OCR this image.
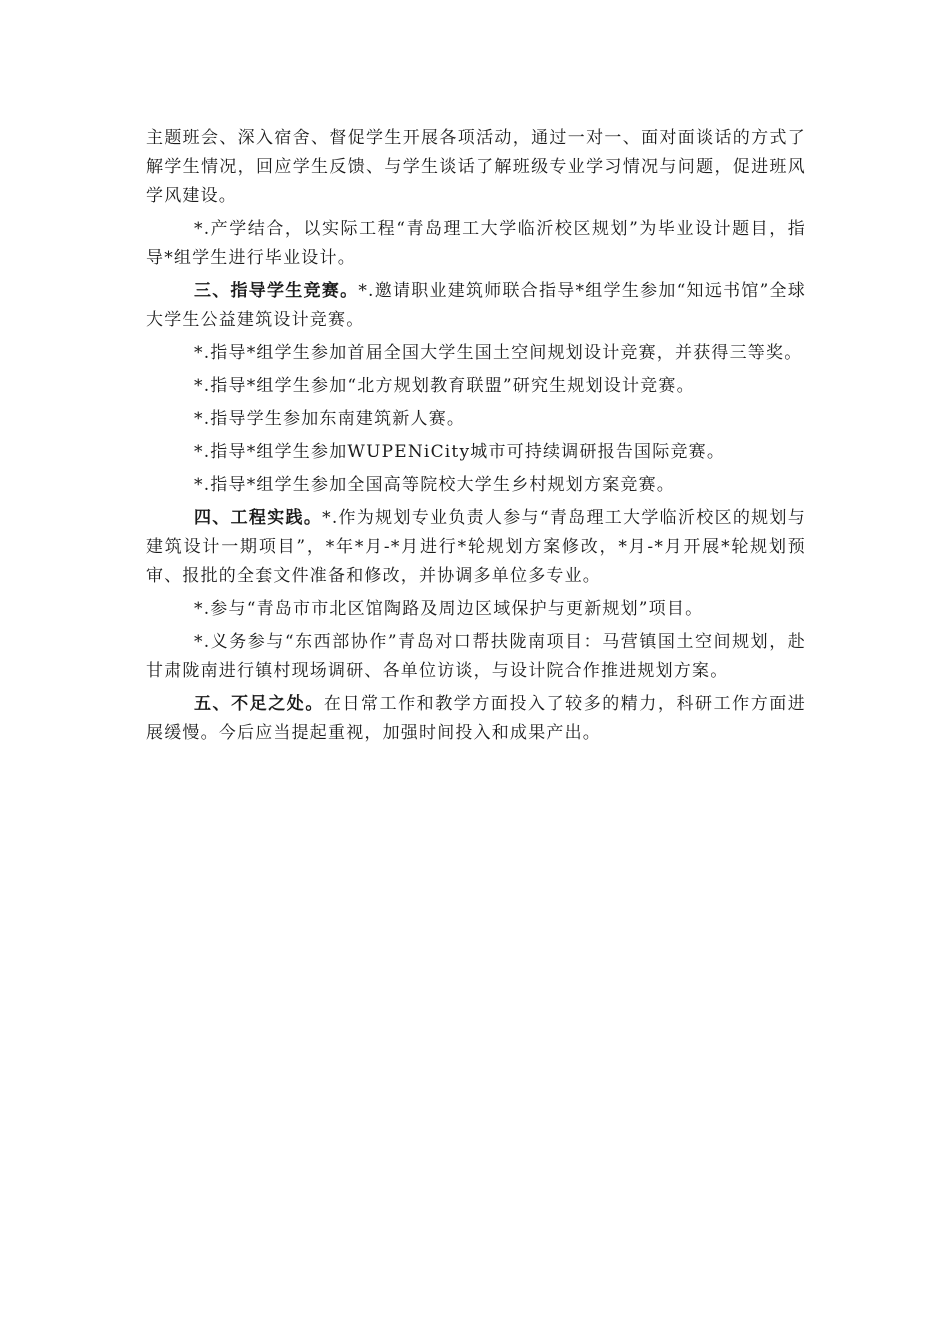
主题班会、深入宿舍、督促学生开展各项活动，通过一对一、面对面谈话的方式了解学生情况，回应学生反馈、与学生谈话了解班级专业学习情况与问题，促进班风学风建设。

*.产学结合，以实际工程“青岛理工大学临沂校区规划”为毕业设计题目，指导*组学生进行毕业设计。

三、指导学生竞赛。*.邀请职业建筑师联合指导*组学生参加“知远书馆”全球大学生公益建筑设计竞赛。

*.指导*组学生参加首届全国大学生国土空间规划设计竞赛，并获得三等奖。

*.指导*组学生参加“北方规划教育联盟”研究生规划设计竞赛。

*.指导学生参加东南建筑新人赛。

*.指导*组学生参加WUPENiCity城市可持续调研报告国际竞赛。

*.指导*组学生参加全国高等院校大学生乡村规划方案竞赛。

四、工程实践。*.作为规划专业负责人参与“青岛理工大学临沂校区的规划与建筑设计一期项目”，*年*月-*月进行*轮规划方案修改，*月-*月开展*轮规划预审、报批的全套文件准备和修改，并协调多单位多专业。

*.参与“青岛市市北区馆陶路及周边区域保护与更新规划”项目。

*.义务参与“东西部协作”青岛对口帮扶陇南项目：马营镇国土空间规划，赴甘肃陇南进行镇村现场调研、各单位访谈，与设计院合作推进规划方案。

五、不足之处。在日常工作和教学方面投入了较多的精力，科研工作方面进展缓慢。今后应当提起重视，加强时间投入和成果产出。
